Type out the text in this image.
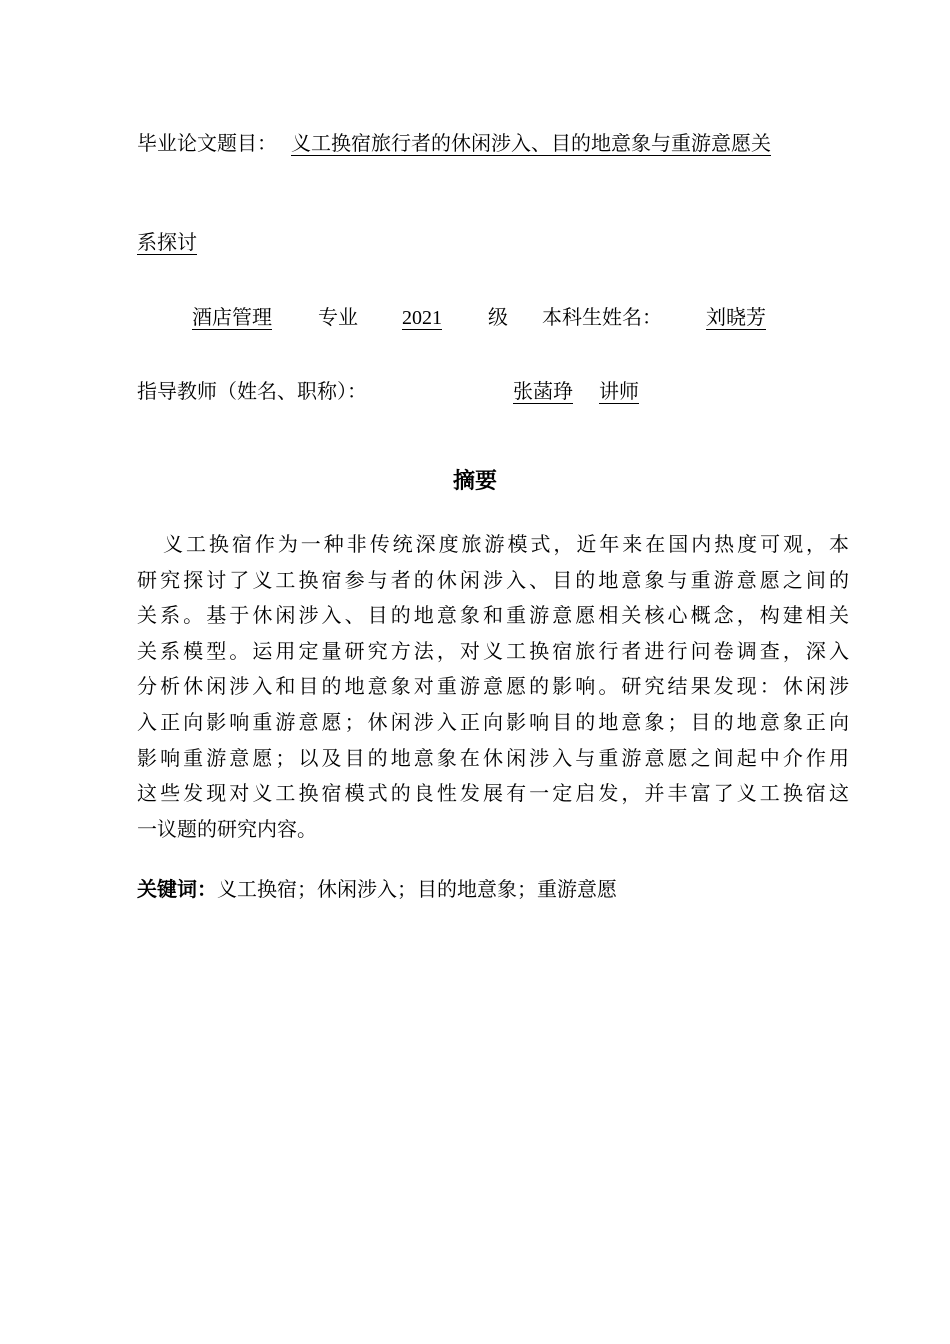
毕业论文题目： 义工换宿旅行者的休闲涉入、目的地意象与重游意愿关
系探讨
酒店管理 专业 2021 级 本科生姓名： 刘晓芳
指导教师（姓名、职称）：	张菡琤 讲师
摘要
义工换宿作为一种非传统深度旅游模式，近年来在国内热度可观，本
研究探讨了义工换宿参与者的休闲涉入、目的地意象与重游意愿之间的
关系。基于休闲涉入、目的地意象和重游意愿相关核心概念，构建相关
关系模型。运用定量研究方法，对义工换宿旅行者进行问卷调查，深入
分析休闲涉入和目的地意象对重游意愿的影响。研究结果发现：休闲涉
入正向影响重游意愿；休闲涉入正向影响目的地意象；目的地意象正向
影响重游意愿；以及目的地意象在休闲涉入与重游意愿之间起中介作用
这些发现对义工换宿模式的良性发展有一定启发，并丰富了义工换宿这
一议题的研究内容。
关键词：义工换宿；休闲涉入；目的地意象；重游意愿
